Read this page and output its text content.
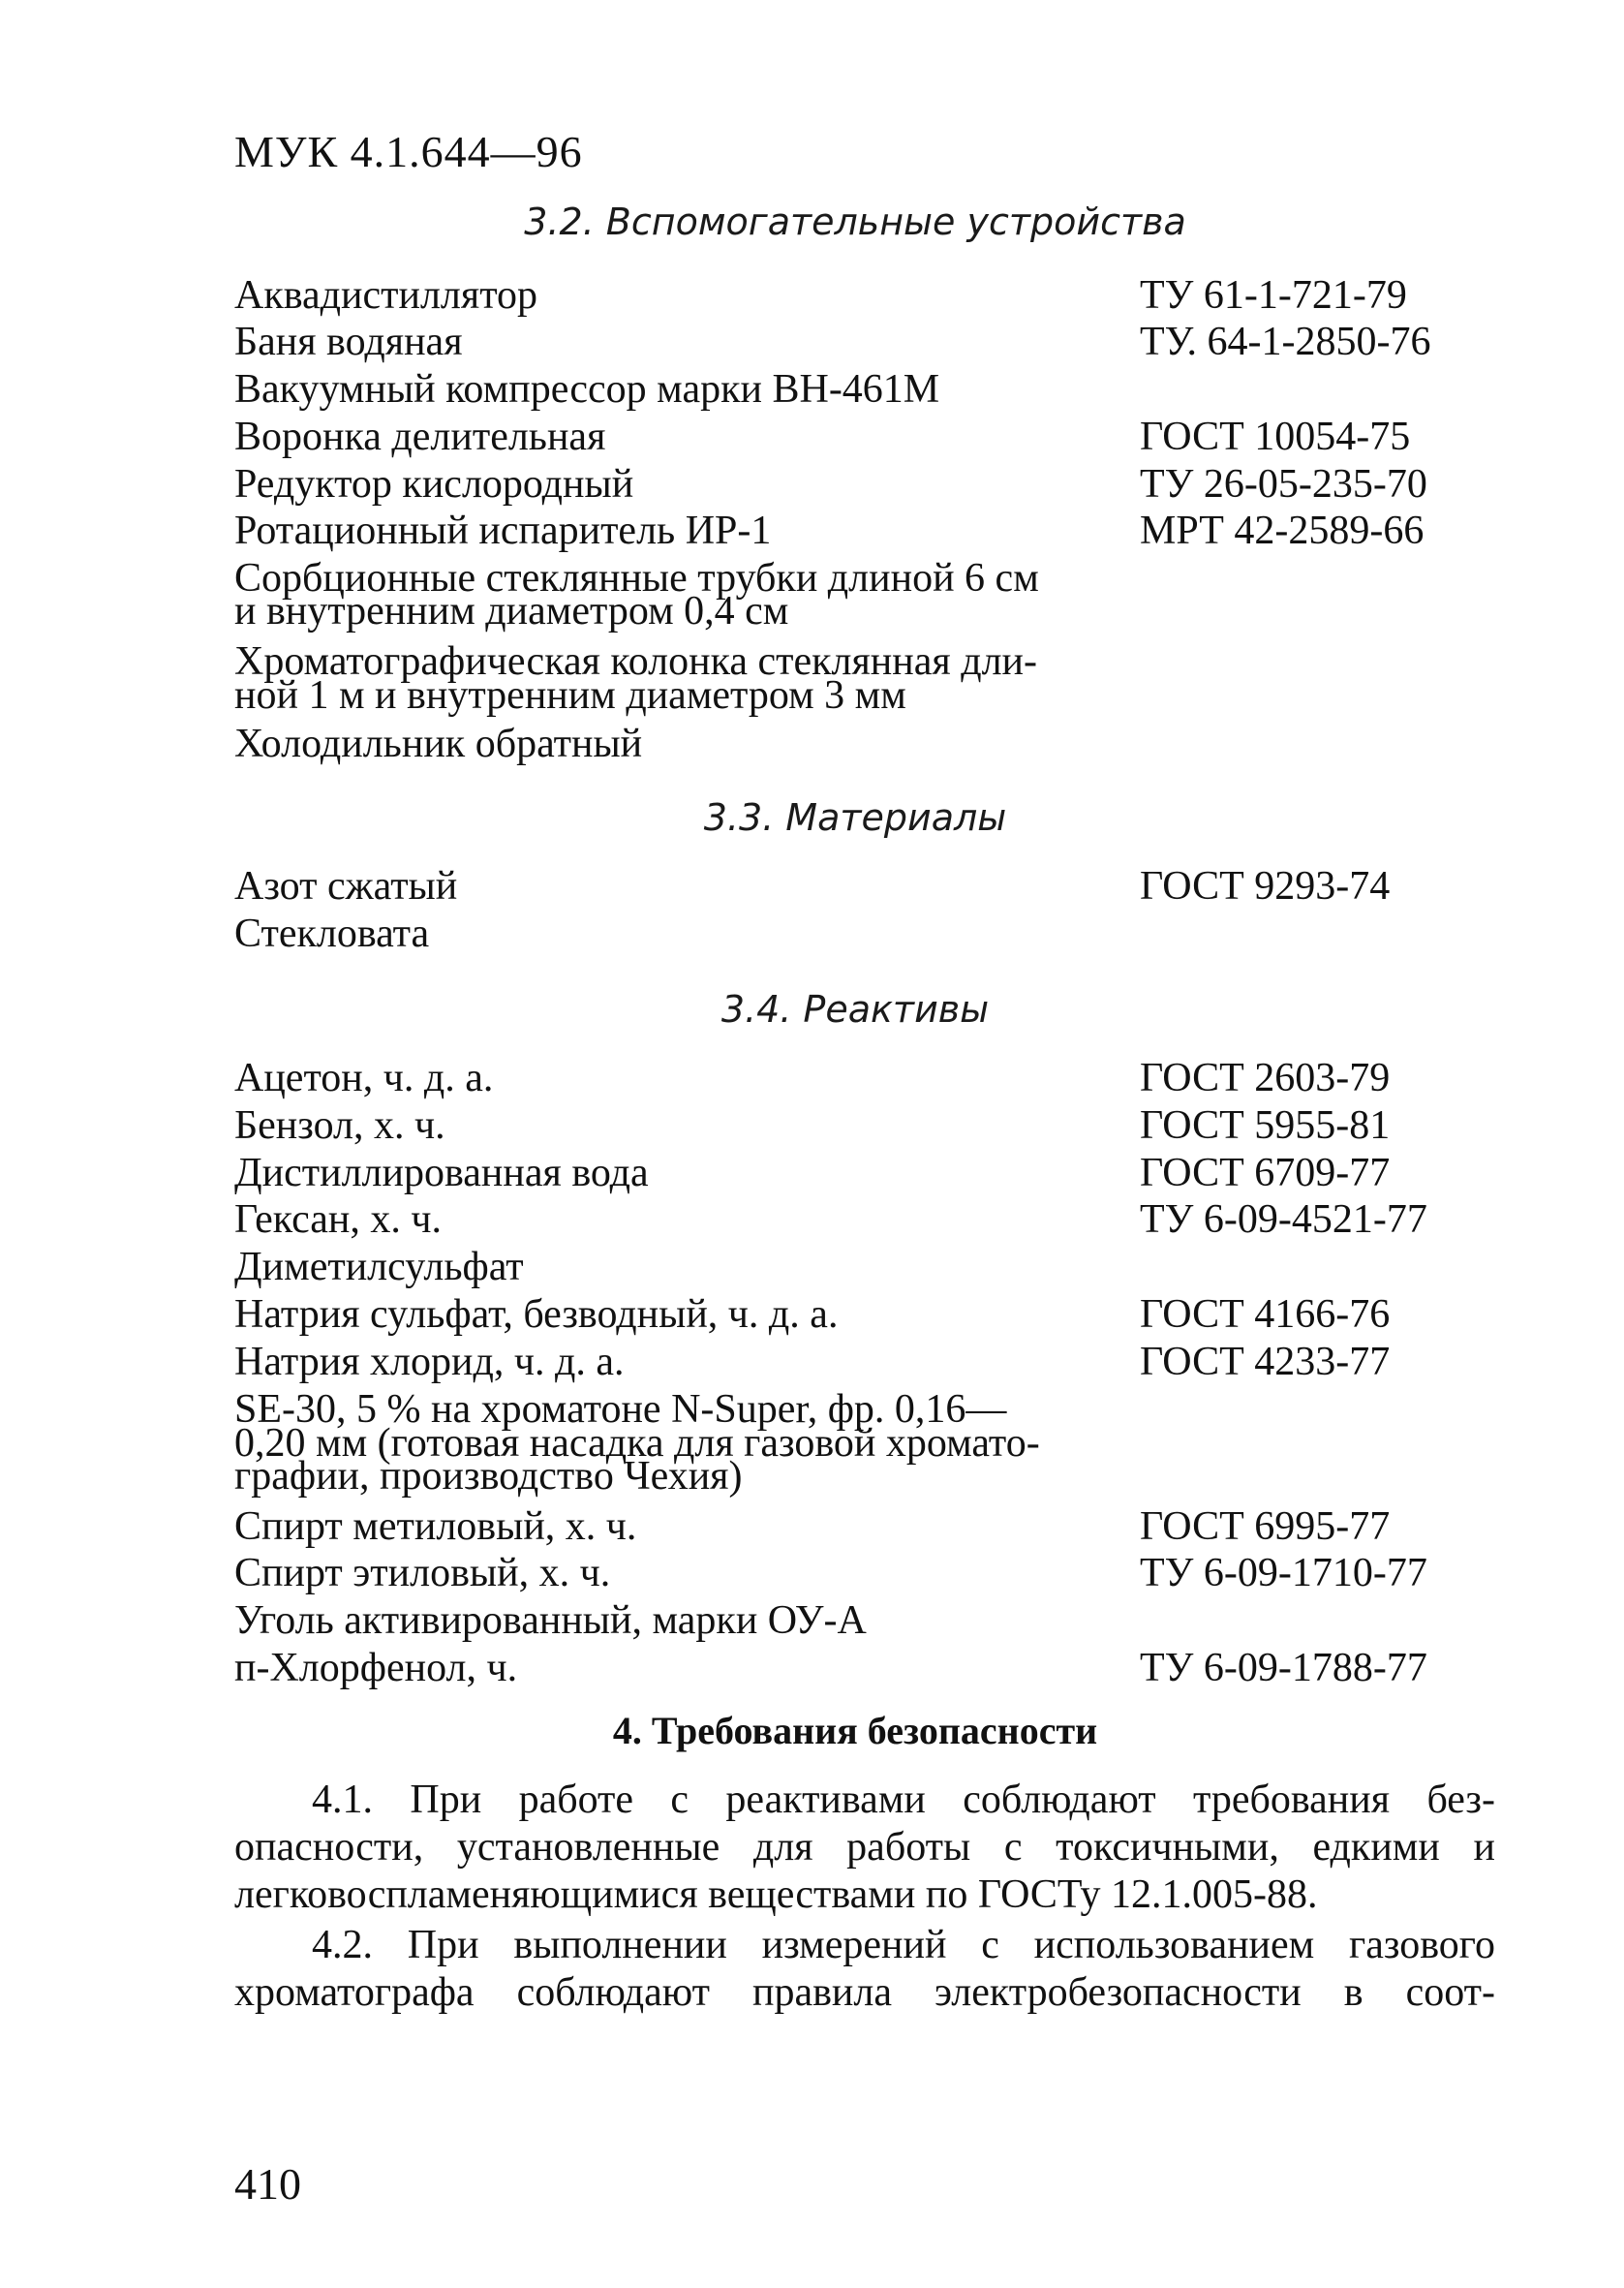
МУК 4.1.644—96
3.2. Вспомогательные устройства
Аквадистиллятор	ТУ 61-1-721-79
Баня водяная	ТУ. 64-1-2850-76
Вакуумный компрессор марки ВН-461М
Воронка делительная	ГОСТ 10054-75
Редуктор кислородный	ТУ 26-05-235-70
Ротационный испаритель ИР-1	МРТ 42-2589-66
Сорбционные стеклянные трубки длиной 6 см
и внутренним диаметром 0,4 см
Хроматографическая колонка стеклянная дли-
ной 1 м и внутренним диаметром 3 мм
Холодильник обратный
3.3. Материалы
Азот сжатый	ГОСТ 9293-74
Стекловата
3.4. Реактивы
Ацетон, ч. д. а.	ГОСТ 2603-79
Бензол, х. ч.	ГОСТ 5955-81
Дистиллированная вода	ГОСТ 6709-77
Гексан, х. ч.	ТУ 6-09-4521-77
Диметилсульфат
Натрия сульфат, безводный, ч. д. а.	ГОСТ 4166-76
Натрия хлорид, ч. д. а.	ГОСТ 4233-77
SE-30, 5 % на хроматоне N-Super, фр. 0,16—
0,20 мм (готовая насадка для газовой хромато-
графии, производство Чехия)
Спирт метиловый, х. ч.	ГОСТ 6995-77
Спирт этиловый, х. ч.	ТУ 6-09-1710-77
Уголь активированный, марки ОУ-А
п-Хлорфенол, ч.	ТУ 6-09-1788-77
4. Требования безопасности
4.1. При работе с реактивами соблюдают требования без-
опасности, установленные для работы с токсичными, едкими и
легковоспламеняющимися веществами по ГОСТу 12.1.005-88.
4.2. При выполнении измерений с использованием газового
хроматографа соблюдают правила электробезопасности в соот-
410
